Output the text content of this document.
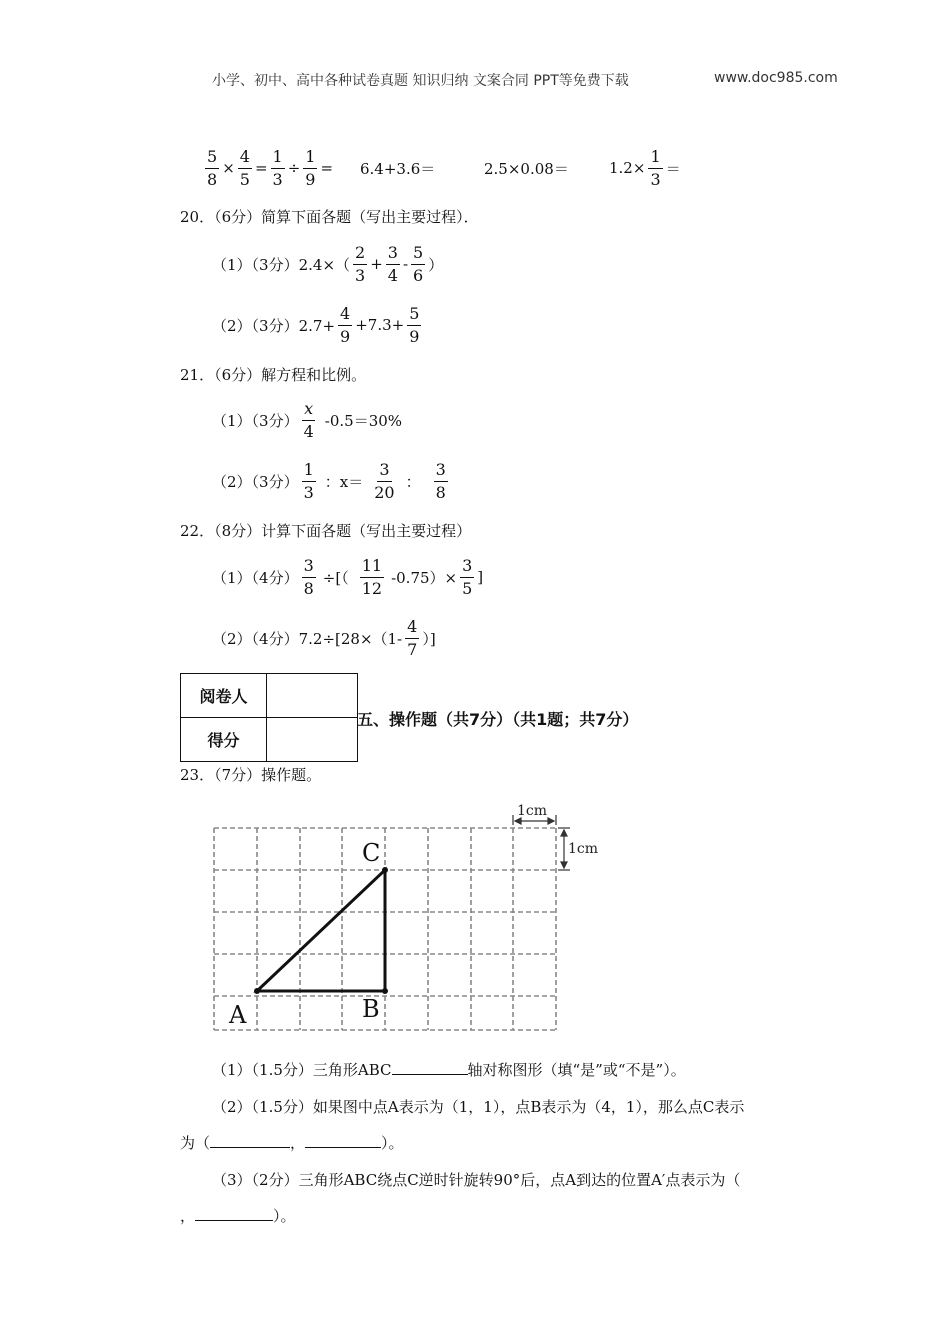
小学、初中、高中各种试卷真题 知识归纳 文案合同 PPT等免费下载	www.doc985.com
$\frac{5}{8} \times \frac{4}{5} = \frac{1}{3} \div \frac{1}{9} = 6.4+3.6=$	2.5×0.08＝	$1.2\times \frac{1}{3}$ ＝
20．（6分）简算下面各题（写出主要过程）．
（1）（3分）$2.4\times( \frac{2}{3} + \frac{3}{4} - \frac{5}{6}$ ）
（2）（3分）$2.7+ \frac{4}{9} +7.3+ \frac{5}{9}$
21．（6分）解方程和比例。
（1）（3分） $\frac{x}{4} -0.5=30\%$
（2）（3分） $\frac{1}{3}$ ：$x= \frac{3}{20}$ ： $\frac{3}{8}$
22．（8分）计算下面各题（写出主要过程）
（1）（4分） $\frac{3}{8}$ ÷[（ $\frac{11}{12} -0.75)\times \frac{3}{5}$ ]
（2）（4分）$7.2\div[28\times(1- \frac{4}{7}$ ）]
阅卷人	
得分	
五、操作题（共7分）（共1题；共7分）
23．（7分）操作题。
1cm
1cm
A	B
C
（1）（1.5分）三角形ABC	轴对称图形（填“是”或“不是”）。
（2）（1.5分）如果图中点A表示为（1，1），点B表示为（4，1），那么点C表示
为（	，	）。
（3）（2分）三角形ABC绕点C逆时针旋转90°后，点A到达的位置A′点表示为（
，	）。
